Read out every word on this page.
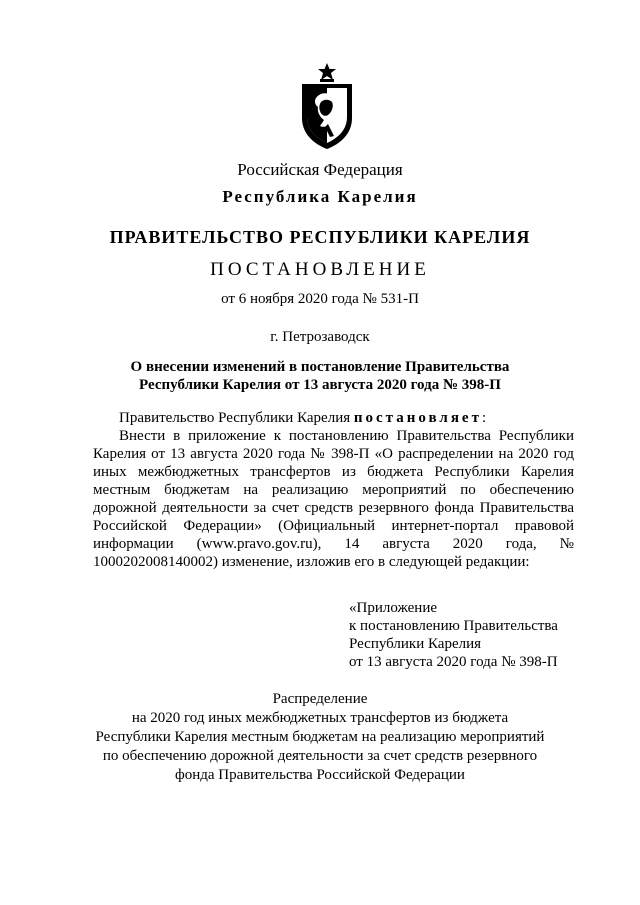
Российская Федерация
Республика Карелия
ПРАВИТЕЛЬСТВО РЕСПУБЛИКИ КАРЕЛИЯ
ПОСТАНОВЛЕНИЕ
от 6 ноября 2020 года № 531-П
г. Петрозаводск
О внесении изменений в постановление Правительства
Республики Карелия от 13 августа 2020 года № 398-П
Правительство Республики Карелия постановляет:
Внести в приложение к постановлению Правительства Республики Карелия от 13 августа 2020 года № 398-П «О распределении на 2020 год иных межбюджетных трансфертов из бюджета Республики Карелия местным бюджетам на реализацию мероприятий по обеспечению дорожной деятельности за счет средств резервного фонда Правительства Российской Федерации» (Официальный интернет-портал правовой информации (www.pravo.gov.ru), 14 августа 2020 года, № 1000202008140002) изменение, изложив его в следующей редакции:
«Приложение
к постановлению Правительства
Республики Карелия
от 13 августа 2020 года № 398-П
Распределение
на 2020 год иных межбюджетных трансфертов из бюджета
Республики Карелия местным бюджетам на реализацию мероприятий
по обеспечению дорожной деятельности за счет средств резервного
фонда Правительства Российской Федерации
